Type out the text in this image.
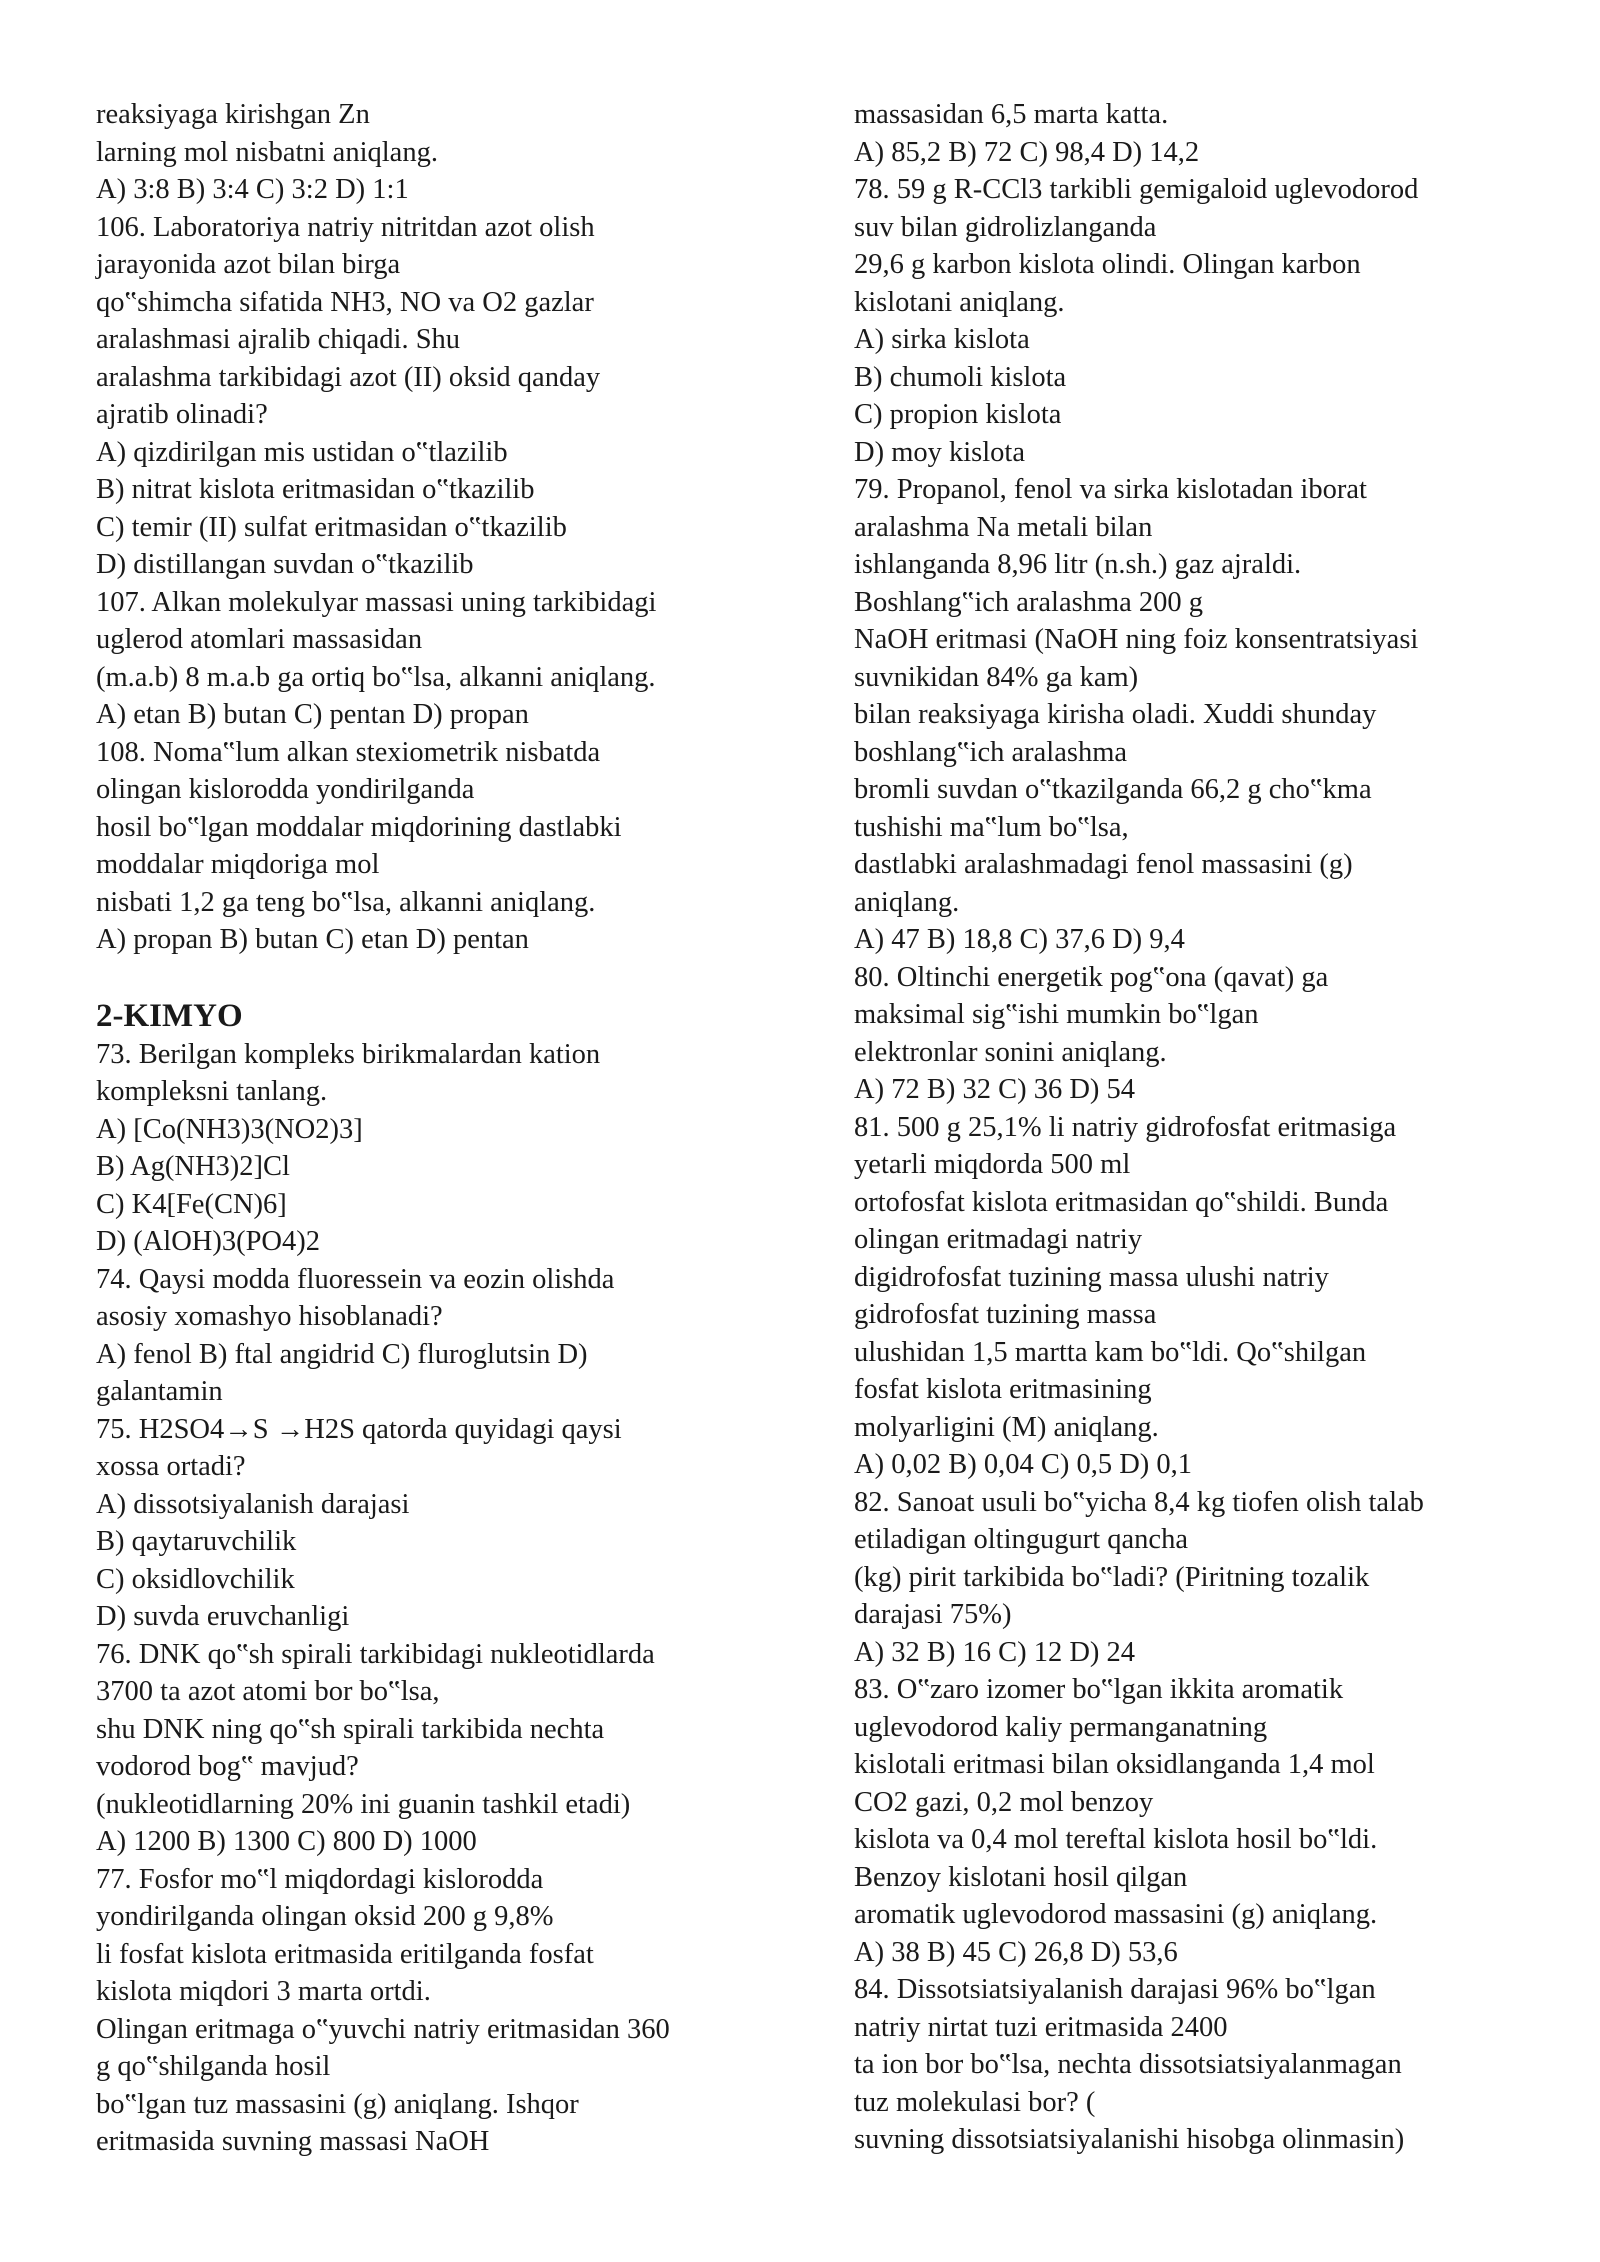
reaksiyaga kirishgan Zn
larning mol nisbatni aniqlang.
A) 3:8 B) 3:4 C) 3:2 D) 1:1
106. Laboratoriya natriy nitritdan azot olish
jarayonida azot bilan birga
qo‟shimcha sifatida NH3, NO va O2 gazlar
aralashmasi ajralib chiqadi. Shu
aralashma tarkibidagi azot (II) oksid qanday
ajratib olinadi?
A) qizdirilgan mis ustidan o‟tlazilib
B) nitrat kislota eritmasidan o‟tkazilib
C) temir (II) sulfat eritmasidan o‟tkazilib
D) distillangan suvdan o‟tkazilib
107. Alkan molekulyar massasi uning tarkibidagi
uglerod atomlari massasidan
(m.a.b) 8 m.a.b ga ortiq bo‟lsa, alkanni aniqlang.
A) etan B) butan C) pentan D) propan
108. Noma‟lum alkan stexiometrik nisbatda
olingan kislorodda yondirilganda
hosil bo‟lgan moddalar miqdorining dastlabki
moddalar miqdoriga mol
nisbati 1,2 ga teng bo‟lsa, alkanni aniqlang.
A) propan B) butan C) etan D) pentan
2-KIMYO
73. Berilgan kompleks birikmalardan kation
kompleksni tanlang.
A) [Co(NH3)3(NO2)3]
B) Ag(NH3)2]Cl
C) K4[Fe(CN)6]
D) (AlOH)3(PO4)2
74. Qaysi modda fluoressein va eozin olishda
asosiy xomashyo hisoblanadi?
A) fenol B) ftal angidrid C) fluroglutsin D)
galantamin
75. H2SO4→S →H2S qatorda quyidagi qaysi
xossa ortadi?
A) dissotsiyalanish darajasi
B) qaytaruvchilik
C) oksidlovchilik
D) suvda eruvchanligi
76. DNK qo‟sh spirali tarkibidagi nukleotidlarda
3700 ta azot atomi bor bo‟lsa,
shu DNK ning qo‟sh spirali tarkibida nechta
vodorod bog‟ mavjud?
(nukleotidlarning 20% ini guanin tashkil etadi)
A) 1200 B) 1300 C) 800 D) 1000
77. Fosfor mo‟l miqdordagi kislorodda
yondirilganda olingan oksid 200 g 9,8%
li fosfat kislota eritmasida eritilganda fosfat
kislota miqdori 3 marta ortdi.
Olingan eritmaga o‟yuvchi natriy eritmasidan 360
g qo‟shilganda hosil
bo‟lgan tuz massasini (g) aniqlang. Ishqor
eritmasida suvning massasi NaOH
massasidan 6,5 marta katta.
A) 85,2 B) 72 C) 98,4 D) 14,2
78. 59 g R-CCl3 tarkibli gemigaloid uglevodorod
suv bilan gidrolizlanganda
29,6 g karbon kislota olindi. Olingan karbon
kislotani aniqlang.
A) sirka kislota
B) chumoli kislota
C) propion kislota
D) moy kislota
79. Propanol, fenol va sirka kislotadan iborat
aralashma Na metali bilan
ishlanganda 8,96 litr (n.sh.) gaz ajraldi.
Boshlang‟ich aralashma 200 g
NaOH eritmasi (NaOH ning foiz konsentratsiyasi
suvnikidan 84% ga kam)
bilan reaksiyaga kirisha oladi. Xuddi shunday
boshlang‟ich aralashma
bromli suvdan o‟tkazilganda 66,2 g cho‟kma
tushishi ma‟lum bo‟lsa,
dastlabki aralashmadagi fenol massasini (g)
aniqlang.
A) 47 B) 18,8 C) 37,6 D) 9,4
80. Oltinchi energetik pog‟ona (qavat) ga
maksimal sig‟ishi mumkin bo‟lgan
elektronlar sonini aniqlang.
A) 72 B) 32 C) 36 D) 54
81. 500 g 25,1% li natriy gidrofosfat eritmasiga
yetarli miqdorda 500 ml
ortofosfat kislota eritmasidan qo‟shildi. Bunda
olingan eritmadagi natriy
digidrofosfat tuzining massa ulushi natriy
gidrofosfat tuzining massa
ulushidan 1,5 martta kam bo‟ldi. Qo‟shilgan
fosfat kislota eritmasining
molyarligini (M) aniqlang.
A) 0,02 B) 0,04 C) 0,5 D) 0,1
82. Sanoat usuli bo‟yicha 8,4 kg tiofen olish talab
etiladigan oltingugurt qancha
(kg) pirit tarkibida bo‟ladi? (Piritning tozalik
darajasi 75%)
A) 32 B) 16 C) 12 D) 24
83. O‟zaro izomer bo‟lgan ikkita aromatik
uglevodorod kaliy permanganatning
kislotali eritmasi bilan oksidlanganda 1,4 mol
CO2 gazi, 0,2 mol benzoy
kislota va 0,4 mol tereftal kislota hosil bo‟ldi.
Benzoy kislotani hosil qilgan
aromatik uglevodorod massasini (g) aniqlang.
A) 38 B) 45 C) 26,8 D) 53,6
84. Dissotsiatsiyalanish darajasi 96% bo‟lgan
natriy nirtat tuzi eritmasida 2400
ta ion bor bo‟lsa, nechta dissotsiatsiyalanmagan
tuz molekulasi bor? (
suvning dissotsiatsiyalanishi hisobga olinmasin)
